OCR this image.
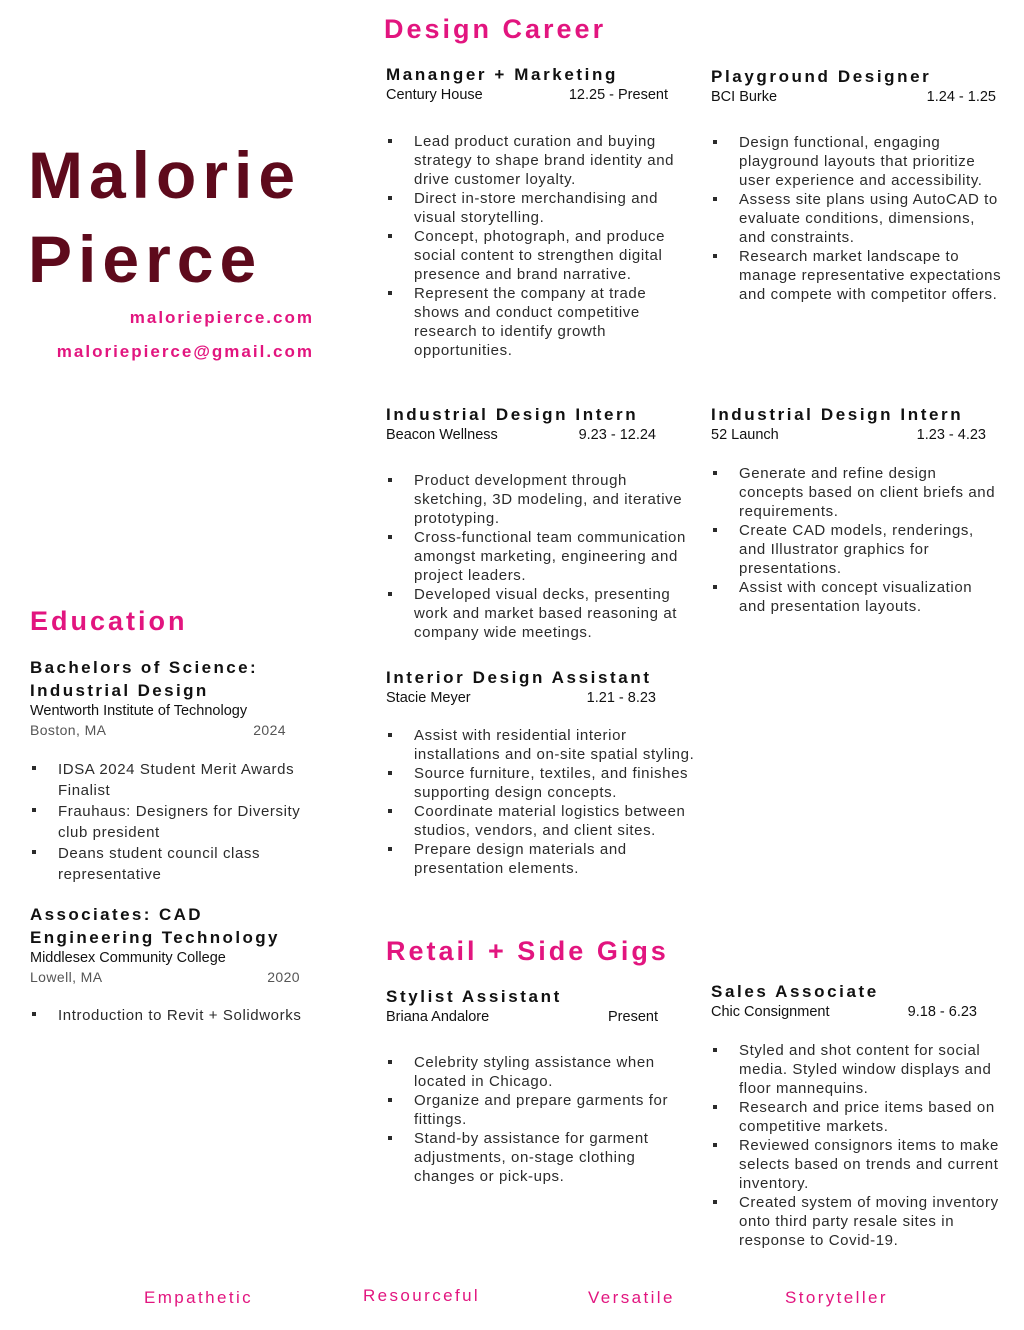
Design Career
Malorie
Pierce
maloriepierce.com
maloriepierce@gmail.com
Mananger + Marketing
Century House	12.25 - Present
Lead product curation and buying strategy to shape brand identity and drive customer loyalty.
Direct in-store merchandising and visual storytelling.
Concept, photograph, and produce social content to strengthen digital presence and brand narrative.
Represent the company at trade shows and conduct competitive research to identify growth opportunities.
Playground Designer
BCI Burke	1.24 - 1.25
Design functional, engaging playground layouts that prioritize user experience and accessibility.
Assess site plans using AutoCAD to evaluate conditions, dimensions, and constraints.
Research market landscape to manage representative expectations and compete with competitor offers.
Industrial Design Intern
Beacon Wellness	9.23 - 12.24
Product development through sketching, 3D modeling, and iterative prototyping.
Cross-functional team communication amongst marketing, engineering and project leaders.
Developed visual decks, presenting work and market based reasoning at company wide meetings.
Industrial Design Intern
52 Launch	1.23 - 4.23
Generate and refine design concepts based on client briefs and requirements.
Create CAD models, renderings, and Illustrator graphics for presentations.
Assist with concept visualization and presentation layouts.
Interior Design Assistant
Stacie Meyer	1.21 - 8.23
Assist with residential interior installations and on-site spatial styling.
Source furniture, textiles, and finishes supporting design concepts.
Coordinate material logistics between studios, vendors, and client sites.
Prepare design materials and presentation elements.
Retail + Side Gigs
Stylist Assistant
Briana Andalore	Present
Celebrity styling assistance when located in Chicago.
Organize and prepare garments for fittings.
Stand-by assistance for garment adjustments, on-stage clothing changes or pick-ups.
Sales Associate
Chic Consignment	9.18 - 6.23
Styled and shot content for social media. Styled window displays and floor mannequins.
Research and price items based on competitive markets.
Reviewed consignors items to make selects based on trends and current inventory.
Created system of moving inventory onto third party resale sites in response to Covid-19.
Education
Bachelors of Science:
Industrial Design
Wentworth Institute of Technology
Boston, MA	2024
IDSA 2024 Student Merit Awards Finalist
Frauhaus: Designers for Diversity club president
Deans student council class representative
Associates: CAD
Engineering Technology
Middlesex Community College
Lowell, MA	2020
Introduction to Revit + Solidworks
Empathetic	Resourceful	Versatile	Storyteller
